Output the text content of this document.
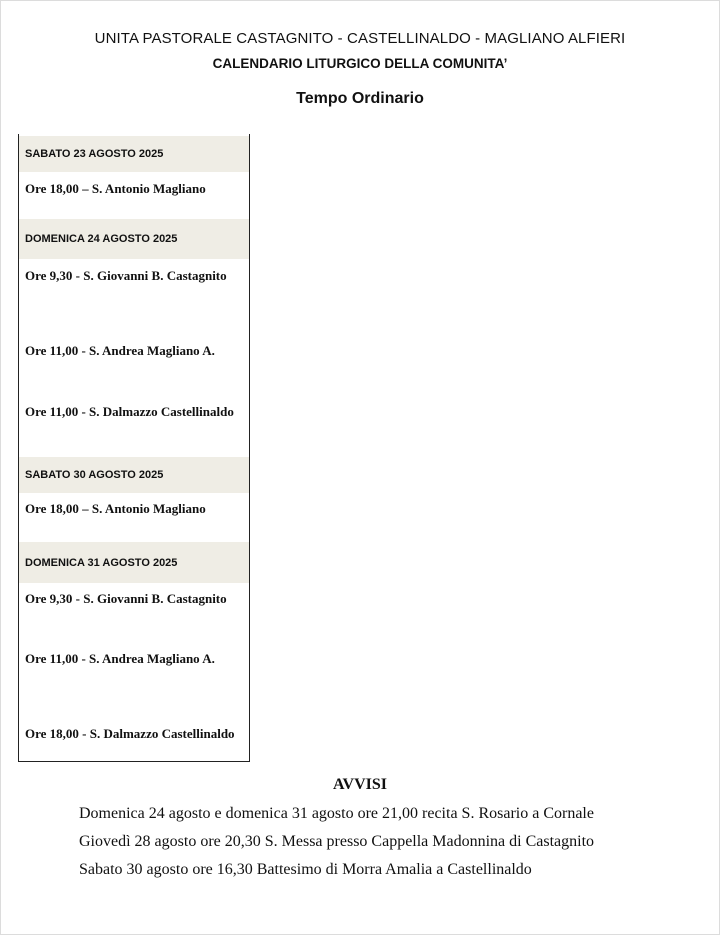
UNITA PASTORALE CASTAGNITO - CASTELLINALDO - MAGLIANO ALFIERI
CALENDARIO LITURGICO DELLA COMUNITA’
Tempo Ordinario
SABATO 23 AGOSTO 2025
Ore 18,00 – S. Antonio Magliano
DOMENICA 24 AGOSTO 2025
Ore 9,30 - S. Giovanni B. Castagnito
Ore 11,00 - S. Andrea Magliano A.
Ore 11,00 - S. Dalmazzo Castellinaldo
SABATO 30 AGOSTO 2025
Ore 18,00 – S. Antonio Magliano
DOMENICA 31 AGOSTO 2025
Ore 9,30 - S. Giovanni B. Castagnito
Ore 11,00 - S. Andrea Magliano A.
Ore 18,00 - S. Dalmazzo Castellinaldo
AVVISI
Domenica 24 agosto e domenica 31 agosto ore 21,00 recita S. Rosario a Cornale
Giovedì 28 agosto ore 20,30 S. Messa presso Cappella Madonnina di Castagnito
Sabato 30 agosto ore 16,30 Battesimo di Morra Amalia a Castellinaldo
